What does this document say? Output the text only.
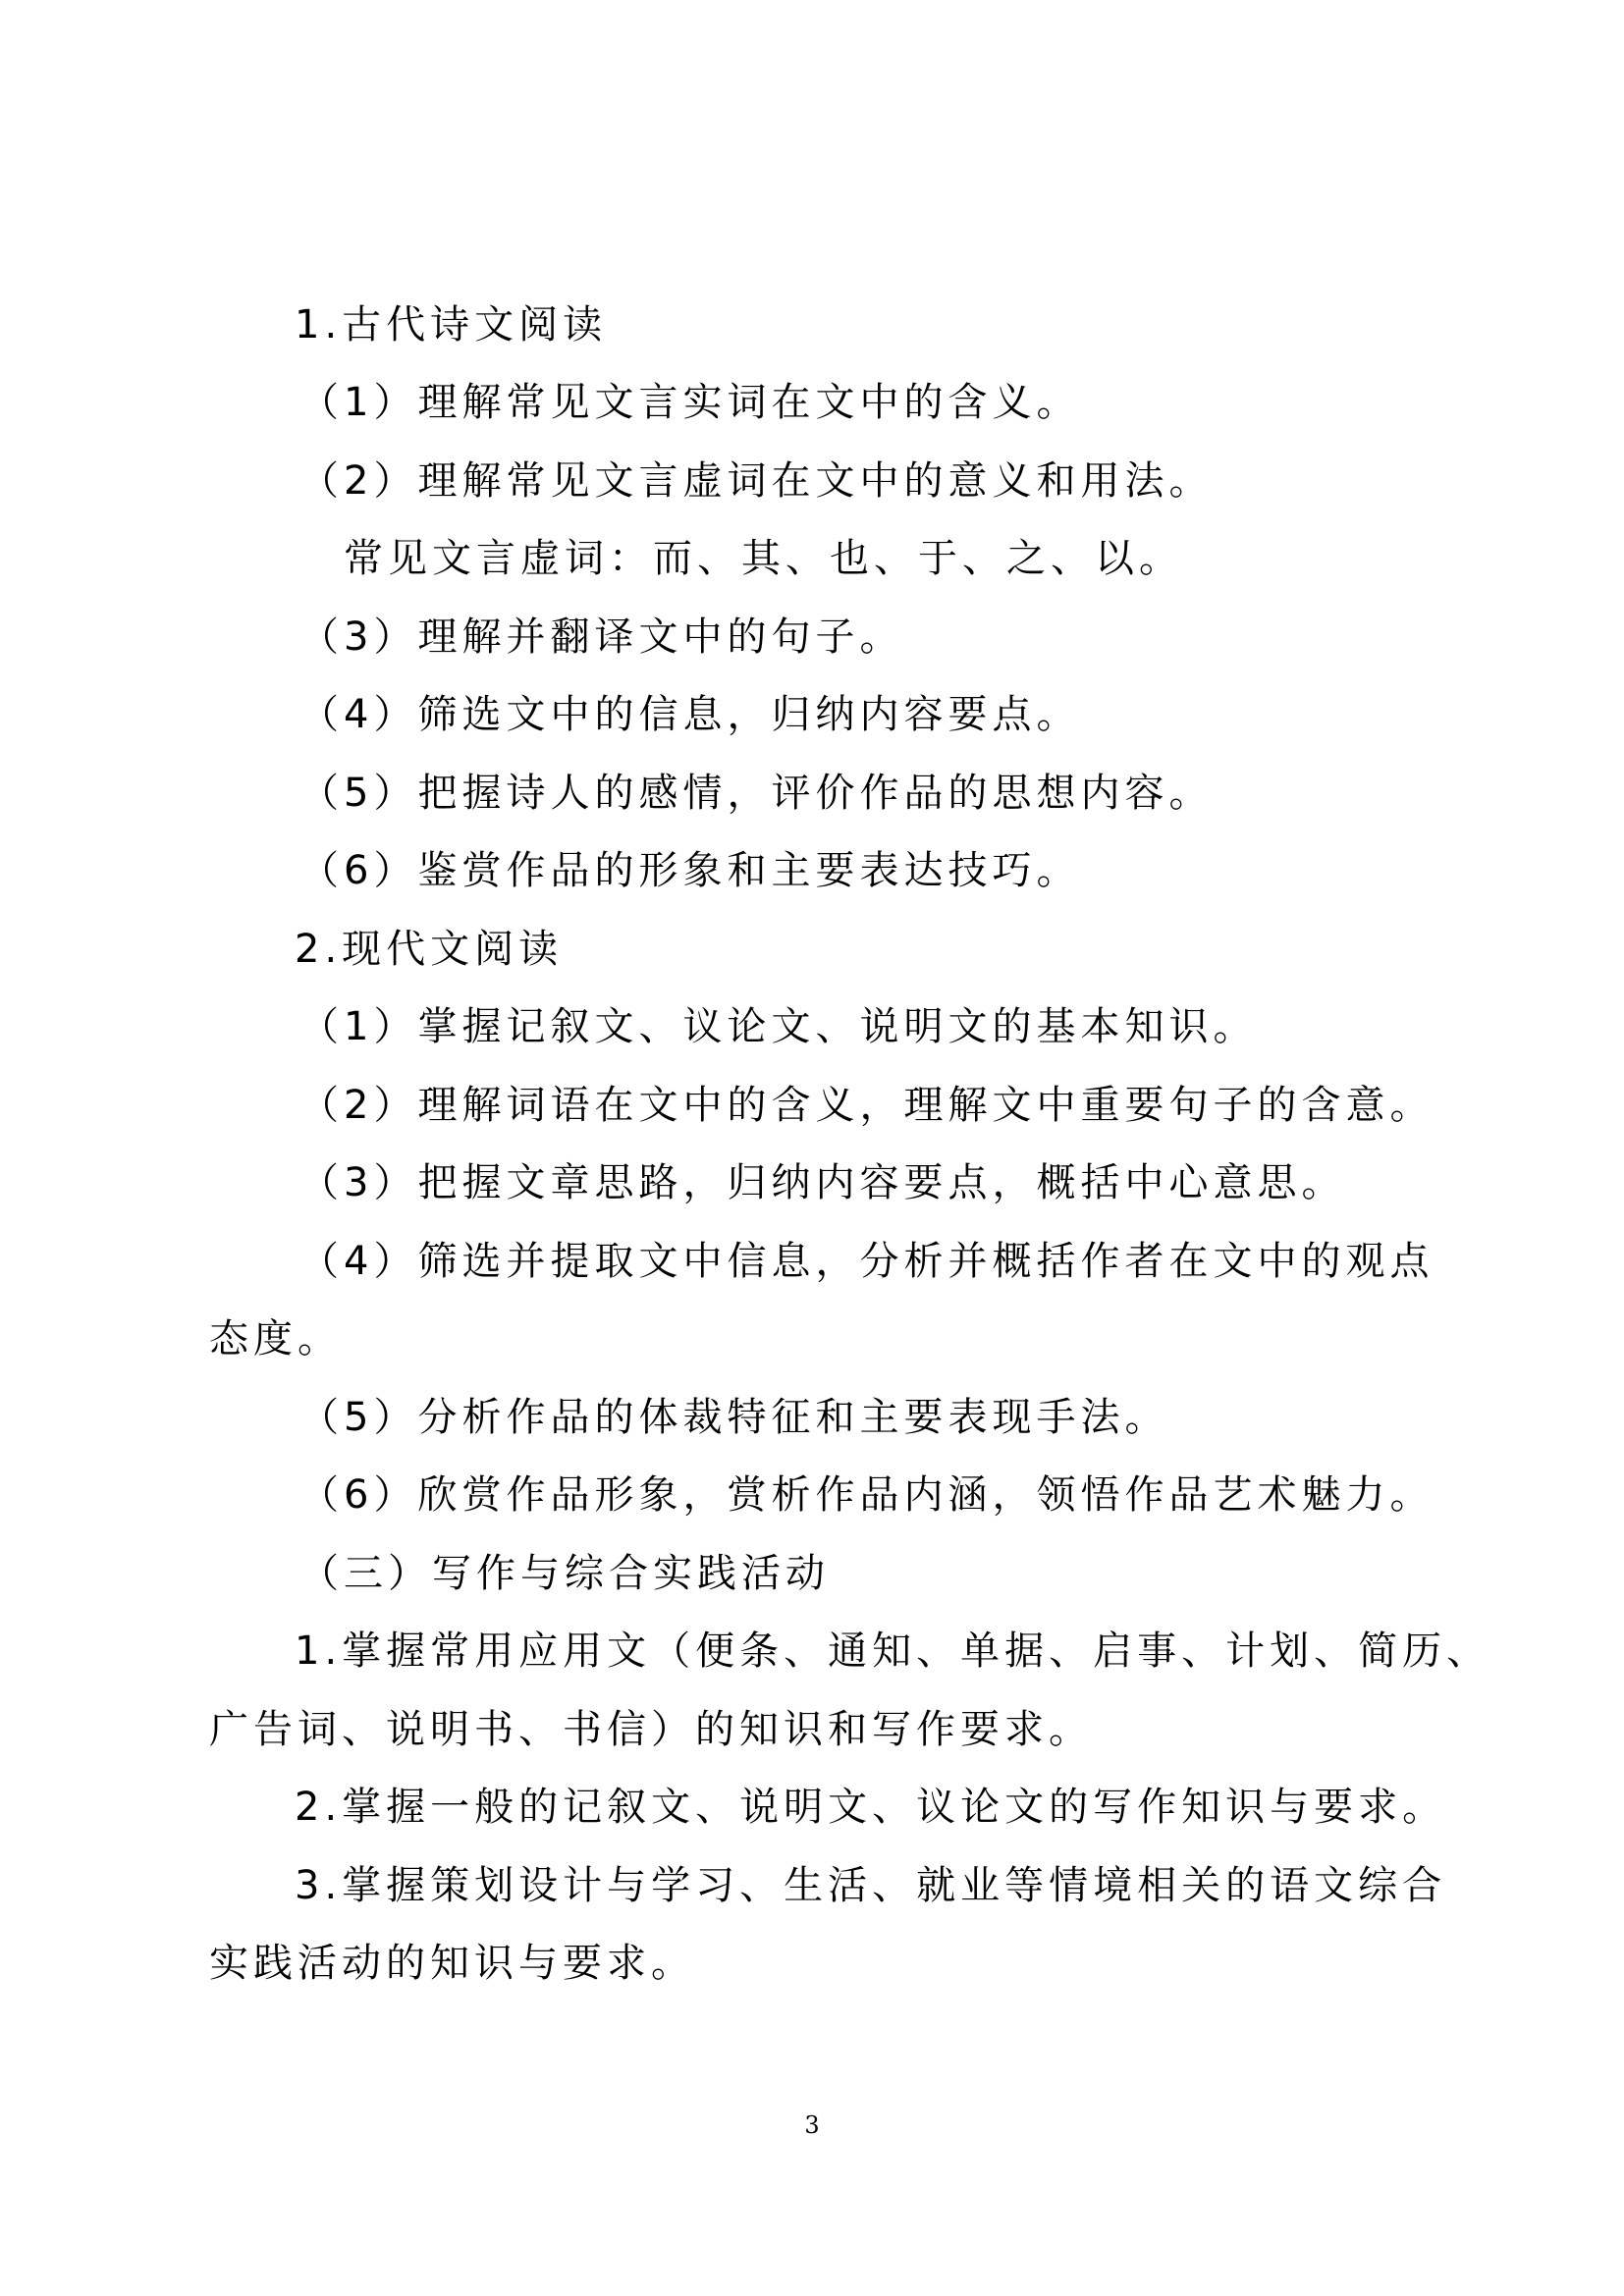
1.古代诗文阅读

（1）理解常见文言实词在文中的含义。

（2）理解常见文言虚词在文中的意义和用法。

常见文言虚词：而、其、也、于、之、以。

（3）理解并翻译文中的句子。

（4）筛选文中的信息，归纳内容要点。

（5）把握诗人的感情，评价作品的思想内容。

（6）鉴赏作品的形象和主要表达技巧。

2.现代文阅读

（1）掌握记叙文、议论文、说明文的基本知识。

（2）理解词语在文中的含义，理解文中重要句子的含意。

（3）把握文章思路，归纳内容要点，概括中心意思。

（4）筛选并提取文中信息，分析并概括作者在文中的观点

态度。

（5）分析作品的体裁特征和主要表现手法。

（6）欣赏作品形象，赏析作品内涵，领悟作品艺术魅力。

（三）写作与综合实践活动

1.掌握常用应用文（便条、通知、单据、启事、计划、简历、

广告词、说明书、书信）的知识和写作要求。

2.掌握一般的记叙文、说明文、议论文的写作知识与要求。

3.掌握策划设计与学习、生活、就业等情境相关的语文综合

实践活动的知识与要求。

3
